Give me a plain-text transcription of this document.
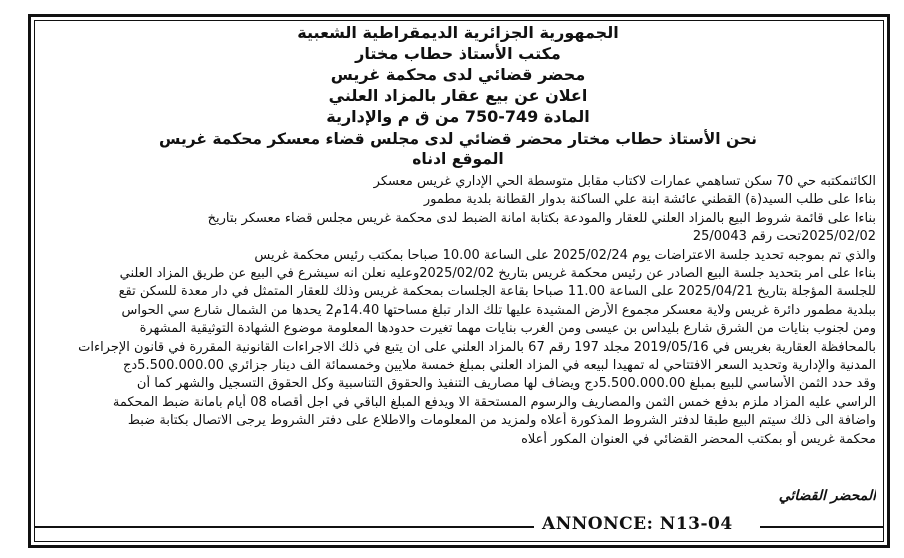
الجمهورية الجزائرية الديمقراطية الشعبية
مكتب الأستاذ حطاب مختار
محضر قضائي لدى محكمة غريس
اعلان عن بيع عقار بالمزاد العلني
المادة 749-750 من ق م والإدارية
نحن الأستاذ حطاب مختار محضر قضائي لدى مجلس قضاء معسكر محكمة غريس
الموقع ادناه
الكائنمكتبه حي 70 سكن تساهمي عمارات لاكتاب مقابل متوسطة الحي الإداري غريس معسكر
بناءا على طلب السيد(ة) القطني عائشة ابنة علي الساكنة بدوار القطانة بلدية مطمور
بناءا على قائمة شروط البيع بالمزاد العلني للعقار والمودعة بكتابة امانة الضبط لدى محكمة غريس مجلس قضاء معسكر بتاريخ
2025/02/02تحت رقم 25/0043
والذي تم بموجبه تحديد جلسة الاعتراضات يوم 2025/02/24 على الساعة 10.00 صباحا بمكتب رئيس محكمة غريس
بناءا على امر بتحديد جلسة البيع الصادر عن رئيس محكمة غريس بتاريخ 2025/02/02وعليه نعلن انه سيشرع في البيع عن طريق المزاد العلني
للجلسة المؤجلة بتاريخ 2025/04/21 على الساعة 11.00 صباحا بقاعة الجلسات بمحكمة غريس وذلك للعقار المتمثل في دار معدة للسكن تقع
ببلدية مطمور دائرة غريس ولاية معسكر مجموع الأرض المشيدة عليها تلك الدار تبلغ مساحتها 14.40م2 يحدها من الشمال شارع سي الحواس
ومن لجنوب بنايات من الشرق شارع بليداس بن عيسى ومن الغرب بنايات مهما تغيرت حدودها المعلومة موضوع الشهادة التوثيقية المشهرة
بالمحافظة العقارية بغريس في 2019/05/16 مجلد 197 رقم 67 بالمزاد العلني على ان يتبع في ذلك الاجراءات القانونية المقررة في قانون الإجراءات
المدنية والإدارية وتحديد السعر الافتتاحي له تمهيدا لبيعه في المزاد العلني بمبلغ خمسة ملايين وخمسمائة الف دينار جزائري 5.500.000.00دج
وقد حدد الثمن الأساسي للبيع بمبلغ 5.500.000.00دج ويضاف لها مصاريف التنفيذ والحقوق التناسبية وكل الحقوق التسجيل والشهر كما أن
الراسي عليه المزاد ملزم بدفع خمس الثمن والمصاريف والرسوم المستحقة الا ويدفع المبلغ الباقي في اجل أقصاه 08 أيام بامانة ضبط المحكمة
واضافة الى ذلك سيتم البيع طبقا لدفتر الشروط المذكورة أعلاه ولمزيد من المعلومات والاطلاع على دفتر الشروط يرجى الاتصال بكتابة ضبط
محكمة غريس أو بمكتب المحضر القضائي في العنوان المكور أعلاه
المحضر القضائي
ANNONCE: N13-04
